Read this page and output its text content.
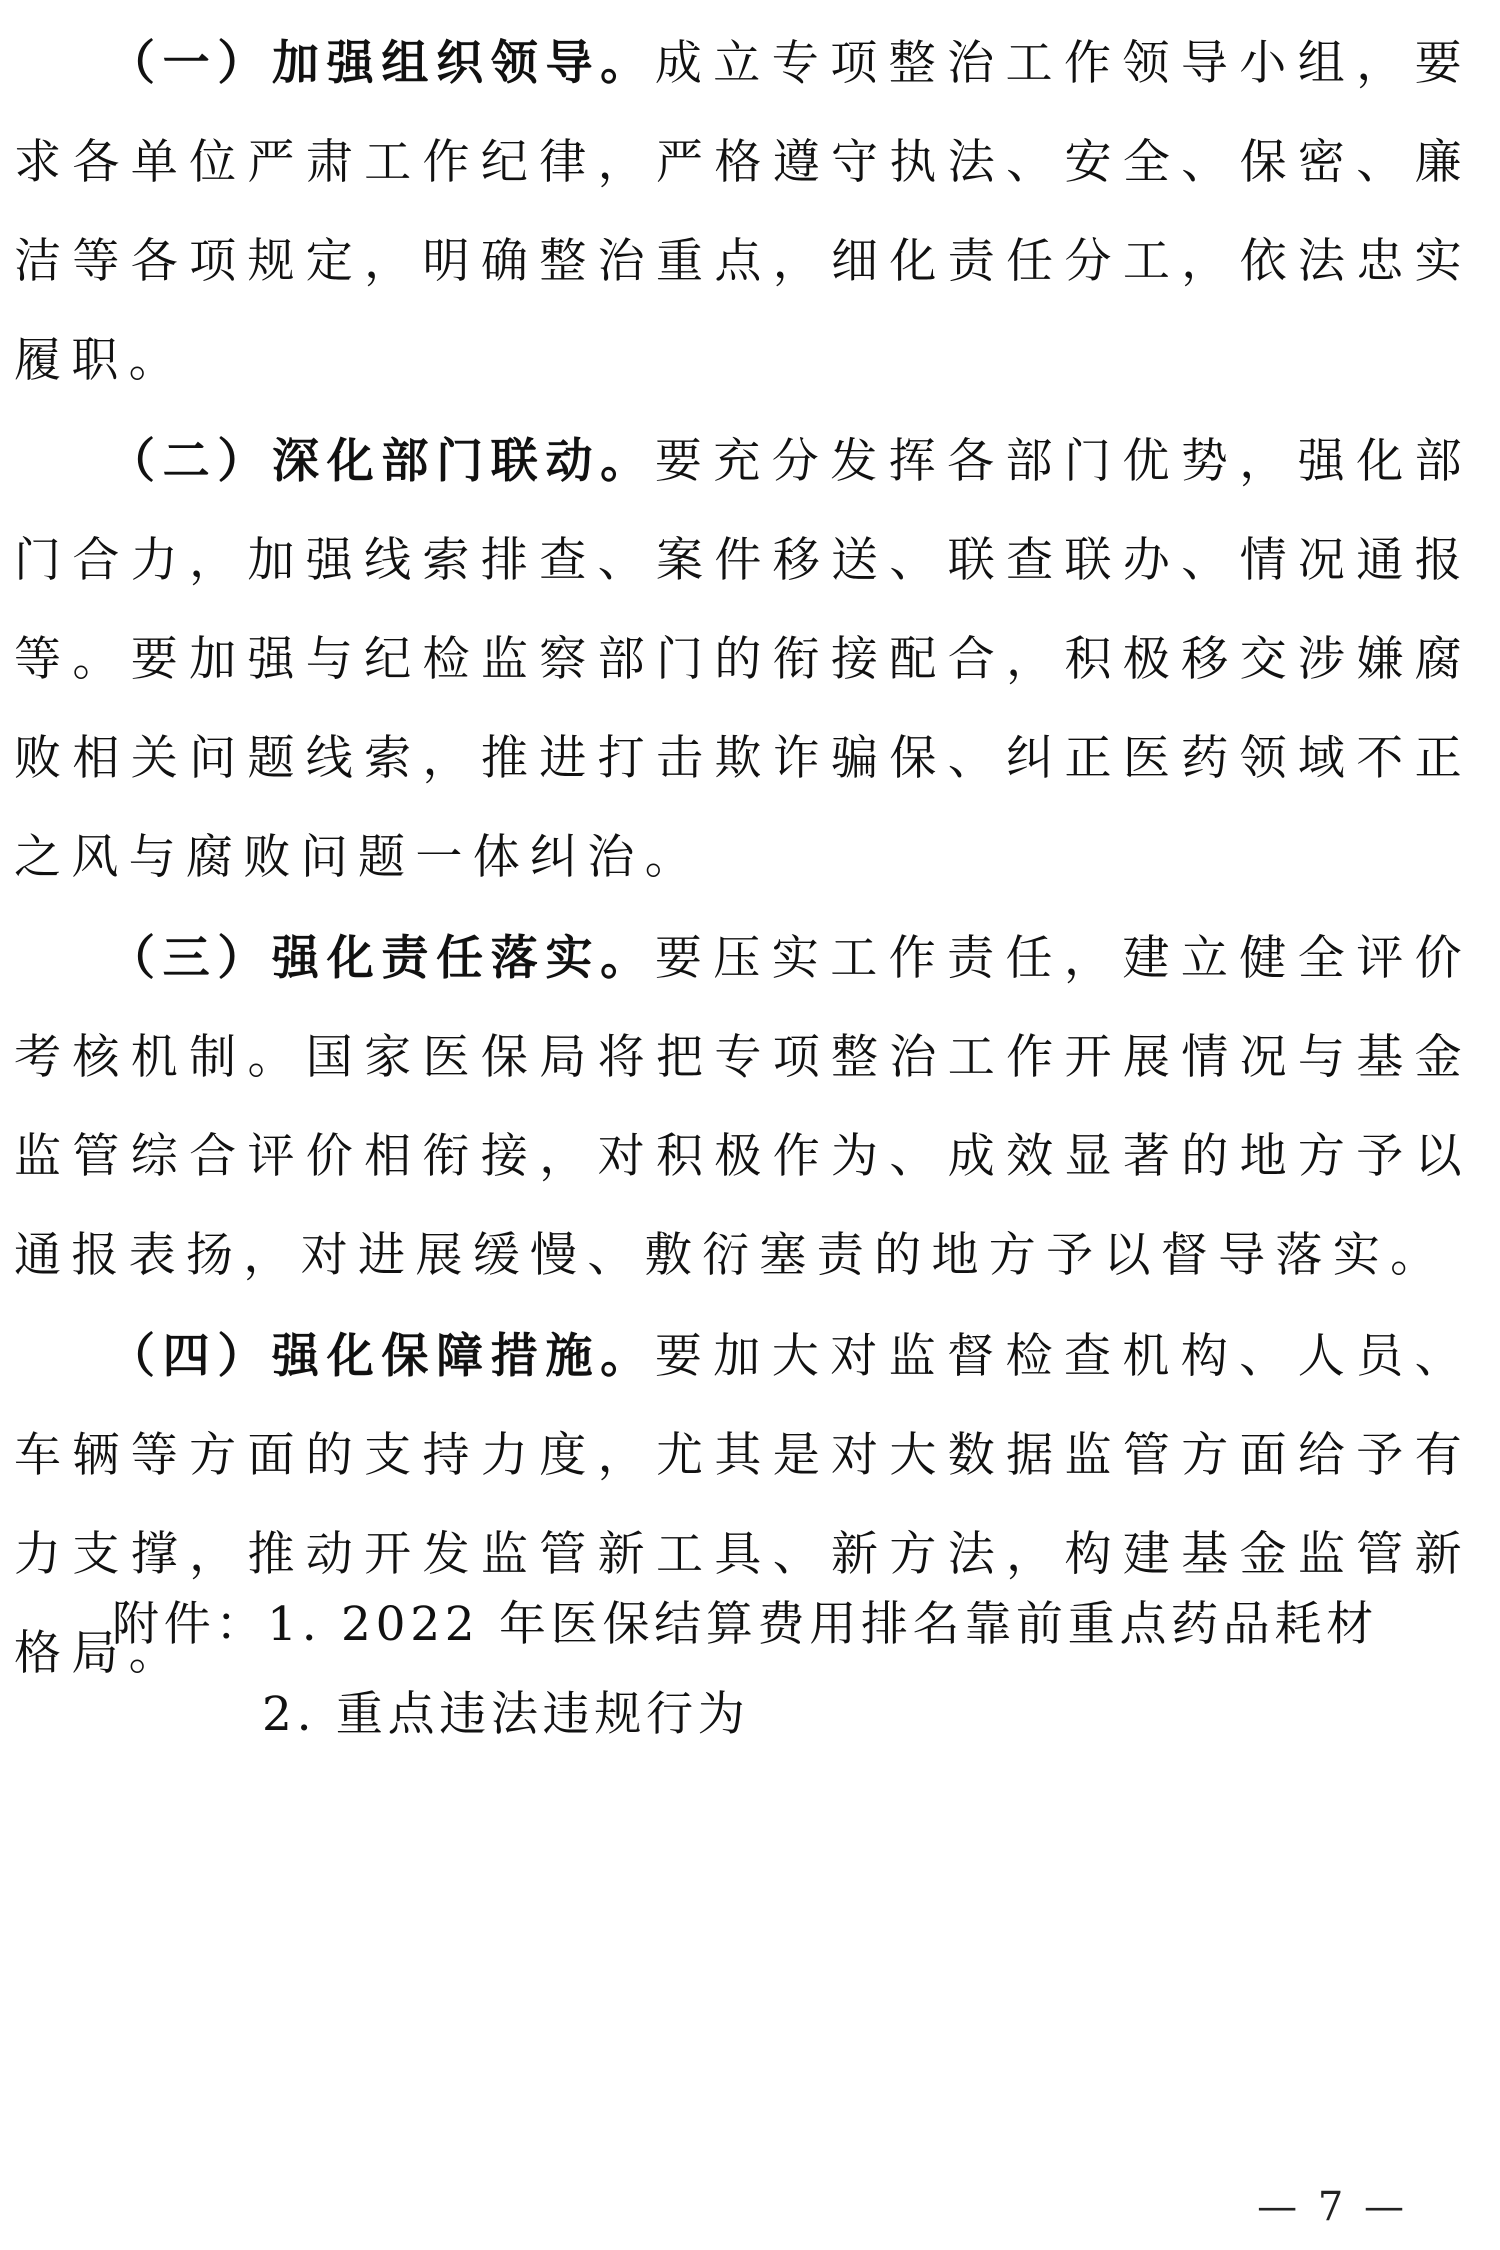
（一）加强组织领导。成立专项整治工作领导小组，要求各单位严肃工作纪律，严格遵守执法、安全、保密、廉洁等各项规定，明确整治重点，细化责任分工，依法忠实履职。

（二）深化部门联动。要充分发挥各部门优势，强化部门合力，加强线索排查、案件移送、联查联办、情况通报等。要加强与纪检监察部门的衔接配合，积极移交涉嫌腐败相关问题线索，推进打击欺诈骗保、纠正医药领域不正之风与腐败问题一体纠治。

（三）强化责任落实。要压实工作责任，建立健全评价考核机制。国家医保局将把专项整治工作开展情况与基金监管综合评价相衔接，对积极作为、成效显著的地方予以通报表扬，对进展缓慢、敷衍塞责的地方予以督导落实。

（四）强化保障措施。要加大对监督检查机构、人员、车辆等方面的支持力度，尤其是对大数据监管方面给予有力支撑，推动开发监管新工具、新方法，构建基金监管新格局。

附件： 1. 2022 年医保结算费用排名靠前重点药品耗材
2. 重点违法违规行为
— 7 —
